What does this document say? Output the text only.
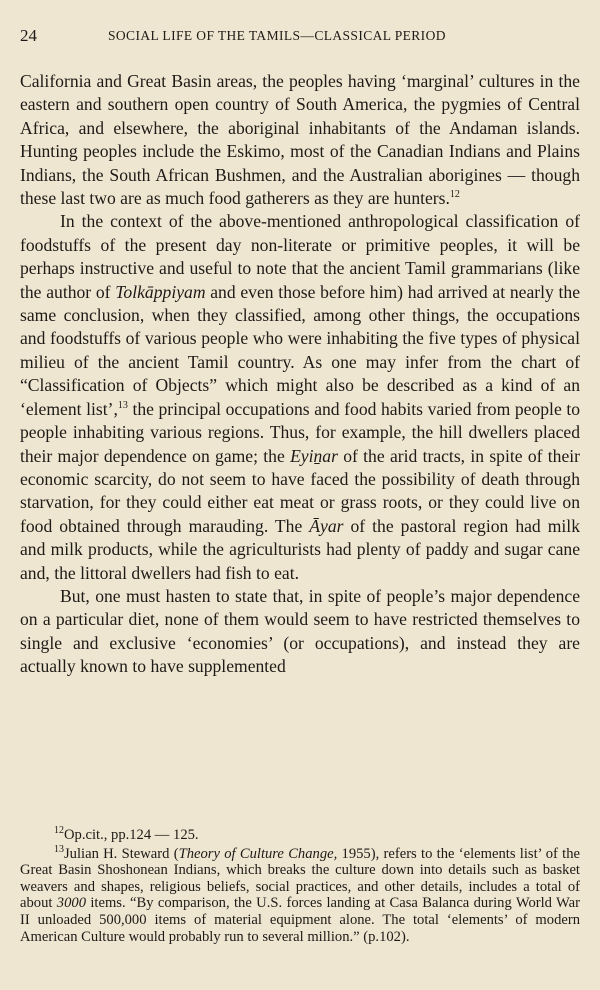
24	SOCIAL LIFE OF THE TAMILS—CLASSICAL PERIOD

California and Great Basin areas, the peoples having ‘marginal’ cultures in the eastern and southern open country of South America, the pygmies of Central Africa, and elsewhere, the aboriginal inhabitants of the Andaman islands. Hunting peoples include the Eskimo, most of the Canadian Indians and Plains Indians, the South African Bushmen, and the Australian aborigines — though these last two are as much food gatherers as they are hunters.$^{12}$

In the context of the above-mentioned anthropological classification of foodstuffs of the present day non-literate or primitive peoples, it will be perhaps instructive and useful to note that the ancient Tamil grammarians (like the author of Tolkāppiyam and even those before him) had arrived at nearly the same conclusion, when they classified, among other things, the occupations and foodstuffs of various people who were inhabiting the five types of physical milieu of the ancient Tamil country. As one may infer from the chart of “Classification of Objects” which might also be described as a kind of an ‘element list’,$^{13}$ the principal occupations and food habits varied from people to people inhabiting various regions. Thus, for example, the hill dwellers placed their major dependence on game; the Eyiṉar of the arid tracts, in spite of their economic scarcity, do not seem to have faced the possibility of death through starvation, for they could either eat meat or grass roots, or they could live on food obtained through marauding. The Āyar of the pastoral region had milk and milk products, while the agriculturists had plenty of paddy and sugar cane and, the littoral dwellers had fish to eat.

But, one must hasten to state that, in spite of people’s major dependence on a particular diet, none of them would seem to have restricted themselves to single and exclusive ‘economies’ (or occupations), and instead they are actually known to have supplemented

$^{12}$Op.cit., pp.124 — 125.

$^{13}$Julian H. Steward (Theory of Culture Change, 1955), refers to the ‘elements list’ of the Great Basin Shoshonean Indians, which breaks the culture down into details such as basket weavers and shapes, religious beliefs, social practices, and other details, includes a total of about 3000 items. “By comparison, the U.S. forces landing at Casa Balanca during World War II unloaded 500,000 items of material equipment alone. The total ‘elements’ of modern American Culture would probably run to several million.” (p.102).
